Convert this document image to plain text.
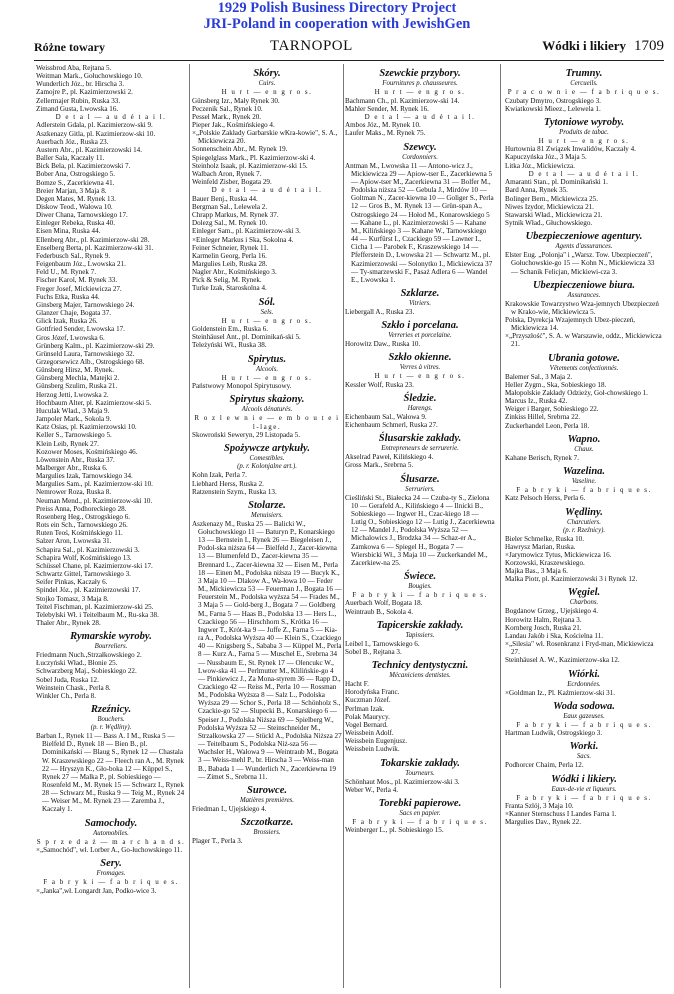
1929 Polish Business Directory Project
JRI-Poland in cooperation with JewishGen
Różne towary	TARNOPOL	Wódki i likiery 1709
Weissbrod Aba, Rejtana 5.
Weitman Mark., Gołuchowskiego 10.
Wunderlich Józ., br. Hirscha 3.
Zamojre P., pl. Kazimierzowski 2.
Zellermajer Rubin, Ruska 33.
Zimand Gusta, Lwowska 16.
D e t a l — a u d é t a i l.
Adlerstein Gdala, pl. Kazimierzow-ski 9.
Aszkenazy Gitla, pl. Kazimierzow-ski 10.
Auerbach Józ., Ruska 23.
Austern Abr., pl. Kazimierzowski 14.
Baller Sala, Kaczały 11.
Bick Bela, pl. Kazimierzowski 7.
Bober Ana, Ostrogskiego 5.
Bomze S., Zacerkiewna 41.
Breier Marjan, 3 Maja 8.
Degen Mates, M. Rynek 13.
Diskow Teod., Wałowa 10.
Diwer Chana, Tarnowskiego 17.
Einleger Rebeka, Ruska 40.
Eisen Mina, Ruska 44.
Ellenberg Abr., pl. Kazimierzow-ski 28.
Enselberg Berta, pl. Kazimierzow-ski 31.
Federbusch Sal., Rynek 9.
Feigenbaum Józ., Lwowska 21.
Feld U., M. Rynek 7.
Fischer Karol, M. Rynek 33.
Freger Josef, Mickiewicza 27.
Fuchs Etka, Ruska 44.
Ginsberg Majer, Tarnowskiego 24.
Glanzer Chaje, Bogata 37.
Glick Izak, Ruska 26.
Gottfried Sender, Lwowska 17.
Gros Józef, Lwowska 6.
Grünberg Kalm., pl. Kazimierzow-ski 29.
Grünseld Laura, Tarnowskiego 32.
Grzegorsewicz Alb., Ostrogskiego 68.
Günsberg Hirsz, M. Rynek.
Günsberg Mechla, Matejki 2.
Günsberg Szulim, Ruska 21.
Herzog Jetti, Lwowska 2.
Hochbaum Alter, pl. Kazimierzow-ski 5.
Huculak Wład., 3 Maja 9.
Jampoler Mark., Sokola 9.
Katz Osias, pl. Kazimierzowski 10.
Keller S., Tarnowskiego 5.
Klein Leib, Rynek 27.
Kozower Moses, Kośmińskiego 46.
Löwenstein Abr., Ruska 37.
Malberger Abr., Ruska 6.
Margulies Izak, Tarnowskiego 34.
Margulies Sam., pl. Kazimierzow-ski 10.
Nemrower Roza, Ruska 8.
Neuman Mend., pl. Kazimierzow-ski 10.
Preiss Anna, Podhoreckiego 28.
Rosenberg Heg., Ostrogskiego 6.
Rots ein Sch., Tarnowskiego 26.
Ruten Teoś, Kośmińskiego 11.
Salzer Aron, Lwowska 31.
Schapira Sal., pl. Kazimierzowski 3.
Schapira Wolf, Kośmińskiego 13.
Schüssel Chane, pl. Kazimierzow-ski 17.
Schwartz Gittel, Tarnowskiego 3.
Seifer Pinkas, Kaczały 6.
Spindel Józ., pl. Kazimierzowski 17.
Stojko Tomasz, 3 Maja 8.
Teitel Fischman, pl. Kazimierzow-ski 25.
Telebylski Wł. i Teitelbaum M., Ru-ska 38.
Thaler Abr., Rynek 28.
Rymarskie wyroby.
Bourreliers.
Friedmann Nuch.,Strzałkowskiego 2.
Łuczyński Wład., Błonie 25.
Schwarzberg Maj., Sobieskiego 22.
Sobel Juda, Ruska 12.
Weinstein Chask., Perla 8.
Winkler Ch., Perla 8.
Rzeźnicy.
Bouchers.
(p. r. Wędliny).
Barban I., Rynek 11 — Bass A. I M., Ruska 5 — Bielfeld D., Rynek 18 — Bien B., pl. Dominikański — Blaug S., Rynek 12 — Chastala W. Kraszewskiego 22 — Fleech ran A., M. Rynek 22 — Hryszyn K., Gło-boka 12 — Küppel S., Rynek 27 — Malka P., pl. Sobieskiego — Rosenfeld M., M. Rynek 15 — Schwarz I., Rynek 28 — Schwarz M., Ruska 9 — Teig M., Rynek 24 — Weiser M., M. Rynek 23 — Zaremba J., Kaczały 1.
Samochody.
Automobiles.
S p r z e d a ż — m a r c h a n d s.
×„Samochód", wł. Lorber A., Go-łuchowskiego 11.
Sery.
Fromages.
F a b r y k i — f a b r i q u e s.
×„Janka",wł. Longardt Jan, Podko-wice 3.
Skóry.
Cuirs.
H u r t — e n g r o s.
Günsberg Izr., Mały Rynek 30.
Peczenik Sal., Rynek 10.
Pessel Mark., Rynek 20.
Pieper Jak., Kośmińskiego 4.
×„Polskie Zakłady Garbarskie wKra-kowie", S. A., Mickiewicza 20.
Sonnenschein Abr., M. Rynek 19.
Spiegelglass Mark., Pl. Kazimierzow-ski 4.
Steinholz Isaak, pl. Kazimierzow-ski 15.
Walbach Aron, Rynek 7.
Weinfeld Zisber, Bogata 29.
D e t a l — a u d é t a i l.
Bauer Benj., Ruska 44.
Bergman Sal., Lelewela 2.
Chrapp Markus, M. Rynek 37.
Dolezg Sal., M. Rynek 10.
Einleger Sam., pl. Kazimierzow-ski 3.
×Einleger Markus i Ska, Sokolna 4.
Feiner Schneier, Rynek 11.
Karmelin Georg, Perla 16.
Margulies Leib, Ruska 28.
Nagler Abr., Kośmińskiego 3.
Pick & Selig, M. Rynek.
Turke Izak, Staroskolna 4.
Sól.
Sels.
H u r t — e n g r o s.
Goldenstein Em., Ruska 6.
Steinhäusel Ant., pl. Dominikań-ski 5.
Teleżyński Wł., Ruska 38.
Spirytus.
Alcools.
H u r t — e n g r o s.
Państwowy Monopol Spirytusowy.
Spirytus skażony.
Alcools dénaturés.
R o z l e w n i e — e m b o u t e i l-lage.
Skowroński Seweryn, 29 Listopada 5.
Spożywcze artykuły.
Comestibles.
(p. r. Kolonjalne art.).
Kohn Izak, Perla 7.
Liebhard Herss, Ruska 2.
Ratzenstein Szym., Ruska 13.
Stolarze.
Menuisiers.
Aszkenazy M., Ruska 25 — Balicki W., Gołuchowskiego 11 — Baturyn P., Konarskiego 13 — Bernstein I., Rynek 26 — Biegeleisen J., Podol-ska niższa 64 — Bielfeld J., Zacer-kiewna 13 — Blumenfeld D., Zacer-kiewna 35 — Brennard L., Zacer-kiewna 32 — Eisen M., Perla 18 — Einen M., Podolska niższa 19 — Bucyk K., 3 Maja 10 — Dlakow A., Wa-łowa 10 — Feder M., Mickiewicza 53 — Feuerman J., Bogata 16 — Feuerstein M., Podolska wyższa 54 — Frades M., 3 Maja 5 — Gold-berg J., Bogata 7 — Goldberg M., Farna 5 — Haas B., Podolska 13 — Hers L., Czackiego 56 — Hirschhorn S., Krótka 16 — Ingwer T., Krót-ka 9 — Juffe Z., Farna 5 — Kia-ra A., Podolska Wyższa 40 — Klein S., Czackiego 40 — Knigsberg S., Sababa 3 — Küppel M., Perla 8 — Kurz A., Farna 5 — Muschel E., Srebrna 34 — Nussbaum E., St. Rynek 17 — Olencukc W., Lwow-ska 41 — Perlmutter M., Klilińskie-go 4 — Pinkiewicz J., Za Mona-styrem 36 — Rapp D., Czackiego 42 — Reiss M., Perla 10 — Rossman M., Podolska Wyższa 8 — Salz L., Podolska Wyższa 29 — Schor S., Perla 18 — Schönholz S., Czackie-go 52 — Slupecki B., Konarskiego 6 — Speiser J., Podolska Niższa 69 — Spielberg W., Podolska Wyższa 52 — Steinschneider M., Strzałkowska 27 — Stückl A., Podolska Niższa 27 — Teitelbaum S., Podolska Niż-sza 56 — Wachsler H., Wałowa 9 — Weintraub M., Bogata 3 — Weiss-mehl P., br. Hirscha 3 — Weiss-man B., Babada 1 — Wunderlich N., Zacerkiewna 19 — Zimet S., Srebrna 11.
Surowce.
Matières premières.
Friedman I., Ujejskiego 4.
Szczotkarze.
Brossiers.
Plager T., Perla 3.
Szewckie przybory.
Fournitures p. chausseures.
H u r t — e n g r o s.
Bachmann Ch., pl. Kazimierzow-ski 14.
Mahler Sender, M. Rynek 16.
D e t a l — a u d é t a i l.
Ambos Józ., M. Rynek 10.
Laufer Maks., M. Rynek 75.
Szewcy.
Cordonniers.
Antman M., Lwowska 11 — Antono-wicz J., Mickiewicza 29 — Apiow-tser E., Zacerkiewna 5 — Apiow-tser M., Zacerkiewna 31 — Bolfer M., Podolska niższa 52 — Gebula J., Mirdów 10 — Goltman N., Zacer-kiewna 10 — Goliger S., Perla 12 — Gros B., M. Rynek 13 — Grün-span A., Ostrogskiego 24 — Hołod M., Konarowskiego 5 — Kahane L., pl. Kazimierzowski 5 — Kahane M., Kilińskiego 3 — Kahane W., Tarnowskiego 44 — Kurfürst I., Czackiego 59 — Lawner I., Cicha 1 — Parobek F., Kraszewskiego 14 — Pfefferstein D., Lwowska 21 — Schwartz M., pl. Kazimierzowski — Solonytko I., Mickiewicza 37 — Ty-smarzewski F., Pasaż Adlera 6 — Wandel E., Lwowska 1.
Szklarze.
Vitriers.
Liebergall A., Ruska 23.
Szkło i porcelana.
Verreries et porcelaine.
Horowitz Daw., Ruska 10.
Szkło okienne.
Verres à vitres.
H u r t — e n g r o s.
Kessler Wolf, Ruska 23.
Śledzie.
Harengs.
Eichenbaum Sal., Wałowa 9.
Eichenbaum Schmerl, Ruska 27.
Ślusarskie zakłady.
Entrepreneurs de serrurerie.
Akselrad Paweł, Kilińskiego 4.
Gross Mark., Srebrna 5.
Ślusarze.
Serruriers.
Cieśliński St., Białecka 24 — Czuba-ty S., Zielona 10 — Gerafeld A., Kilińskiego 4 — Ilnicki B., Sobieskiego — Ingwer H., Czac-kiego 18 — Lutig O., Sobieskiego 12 — Lutig J., Zacerkiewna 12 — Mandel J., Podolska Wyższa 52 — Michalowics J., Brodzka 34 — Schaz-er A., Zamkowa 6 — Spiegel H., Bogata 7 — Wiersbicki Wł., 3 Maja 10 — Zuckerkandel M., Zacerkiew-na 25.
Świece.
Bougies.
F a b r y k i — f a b r i q u e s.
Auerbach Wolf, Bogata 18.
Weintraub B., Sokola 4.
Tapicerskie zakłady.
Tapissiers.
Leibel I., Tarnowskiego 6.
Sobel B., Rejtana 3.
Technicy dentystyczni.
Mécaniciens dentistes.
Hacht F.
Horodyńska Franc.
Kuczman Józef.
Perlman Izak.
Polak Maurycy.
Vogel Bernard.
Weissbein Adolf.
Weissbein Eugenjusz.
Weissbein Ludwik.
Tokarskie zakłady.
Tourneurs.
Schönhaut Mos., pl. Kazimierzow-ski 3.
Weber W., Perla 4.
Torebki papierowe.
Sacs en papier.
F a b r y k i — f a b r i q u e s.
Weinberger L., pl. Sobieskiego 15.
Trumny.
Cercueils.
P r a c o w n i e — f a b r i q u e s.
Czubaty Dmytro, Ostrogskiego 3.
Kwiatkowski Mieez., Lelewela 1.
Tytoniowe wyroby.
Produits de tabac.
H u r t — e n g r o s.
Hurtownia 81 Związek Inwalidów, Kaczały 4.
Kapuczyńska Józ., 3 Maja 5.
Litka Józ., Mickiewicza.
D e t a l — a u d é t a i l.
Amaranti Stan., pl. Dominikański 1.
Bard Anna, Rynek 35.
Bolinger Bern., Mickiewicza 25.
Niwes Izydor, Mickiewicza 21.
Stawarski Wład., Mickiewicza 21.
Sytnik Wład., Głuchowskiego.
Ubezpieczeniowe agentury.
Agents d'assurances.
Elster Eug. „Polonja" i „Warsz. Tow. Ubezpieczeń", Gołuchowskie-go 15 — Kohn N., Mickiewicza 33 — Schanik Felicjan, Mickiewi-cza 3.
Ubezpieczeniowe biura.
Assurances.
Krakowskie Towarzystwo Wza-jemnych Ubezpieczeń w Krako-wie, Mickiewicza 5.
Polska, Dyrekcja Wzajemnych Ubez-pieczeń, Mickiewicza 14.
×„Przyszłość", S. A. w Warszawie, oddz., Mickiewicza 21.
Ubrania gotowe.
Vêtements confectionnés.
Balemer Sal., 3 Maja 2.
Heller Zygm., Ska, Sobieskiego 18.
Małopolskie Zakłady Odzieży, Goł-chowskiego 1.
Marcus Iz., Ruska 42.
Weiger i Barger, Sobieskiego 22.
Zinkiss Hillel, Srebrna 22.
Zuckerhandel Leon, Perla 18.
Wapno.
Chaux.
Kahane Berisch, Rynek 7.
Wazelina.
Vaseline.
F a b r y k i — f a b r i q u e s.
Katz Pelsoch Herss, Perla 6.
Wędliny.
Charcutiers.
(p. r. Rzeźnicy).
Bieler Schmelke, Ruska 10.
Hawrysz Marian, Ruska.
×Jarymowicz Tytus, Mickiewicza 16.
Korzowski, Kraszewskiego.
Majka Bas., 3 Maja 6.
Malka Piotr, pl. Kazimierzowski 3 i Rynek 12.
Węgiel.
Charbons.
Bogdanow Grzeg., Ujejskiego 4.
Horowitz Halm, Rejtana 3.
Kornberg Josch, Ruska 21.
Landau Jakób i Ska, Kościelna 11.
×„Silesia" wł. Rosenkranz i Fryd-man, Mickiewicza 27.
Steinhäusel A. W., Kazimierzow-ska 12.
Wiórki.
Ecrdonnées.
×Goldman Iz., Pl. Kaźmierzow-ski 31.
Woda sodowa.
Eaux gazeuses.
F a b r y k i — f a b r i q u e s.
Hartman Ludwik, Ostrogskiego 3.
Worki.
Sacs.
Podhorcer Chaim, Perla 12.
Wódki i likiery.
Eaux-de-vie et liqueurs.
F a b r y k i — f a b r i q u e s.
Franta Szlój, 3 Maja 10.
×Kanner Sternschuss I Landes Farna 1.
Margulies Dav., Rynek 22.
